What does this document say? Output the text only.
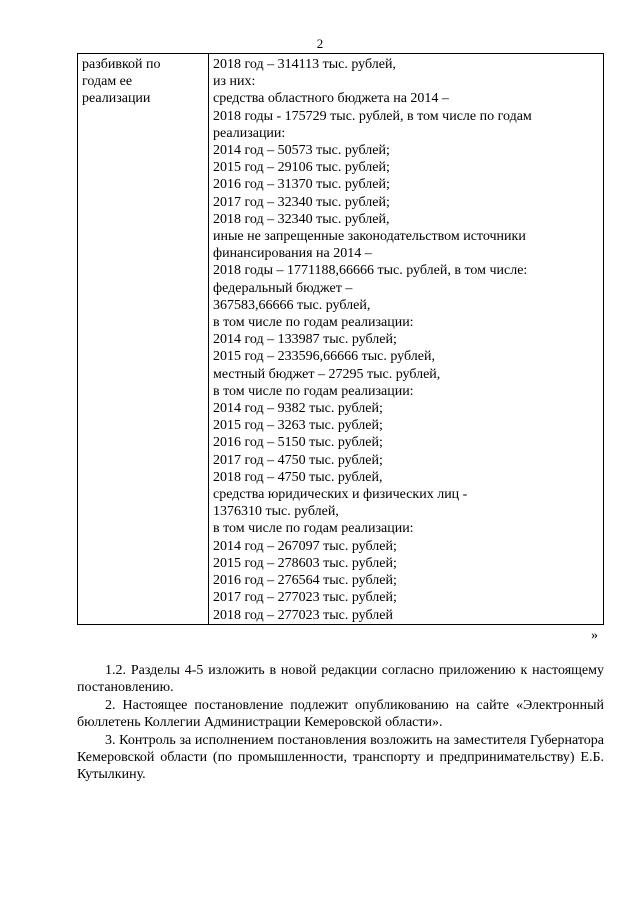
2
разбивкой по
годам ее
реализации

2018 год – 314113 тыс. рублей,
из них:
средства областного бюджета на 2014 –
2018 годы - 175729 тыс. рублей, в том числе по годам
реализации:
2014 год – 50573 тыс. рублей;
2015 год – 29106 тыс. рублей;
2016 год – 31370 тыс. рублей;
2017 год – 32340 тыс. рублей;
2018 год – 32340 тыс. рублей,
иные не запрещенные законодательством источники
финансирования на 2014 –
2018 годы – 1771188,66666 тыс. рублей, в том числе:
федеральный бюджет –
367583,66666 тыс. рублей,
в том числе по годам реализации:
2014 год – 133987 тыс. рублей;
2015 год – 233596,66666 тыс. рублей,
местный бюджет – 27295 тыс. рублей,
в том числе по годам реализации:
2014 год – 9382 тыс. рублей;
2015 год – 3263 тыс. рублей;
2016 год – 5150 тыс. рублей;
2017 год – 4750 тыс. рублей;
2018 год – 4750 тыс. рублей,
средства юридических и физических лиц -
1376310 тыс. рублей,
в том числе по годам реализации:
2014 год – 267097 тыс. рублей;
2015 год – 278603 тыс. рублей;
2016 год – 276564 тыс. рублей;
2017 год – 277023 тыс. рублей;
2018 год – 277023 тыс. рублей
»

1.2. Разделы 4-5 изложить в новой редакции согласно приложению к настоящему постановлению.

2. Настоящее постановление подлежит опубликованию на сайте «Электронный бюллетень Коллегии Администрации Кемеровской области».

3. Контроль за исполнением постановления возложить на заместителя Губернатора Кемеровской области (по промышленности, транспорту и предпринимательству) Е.Б. Кутылкину.
